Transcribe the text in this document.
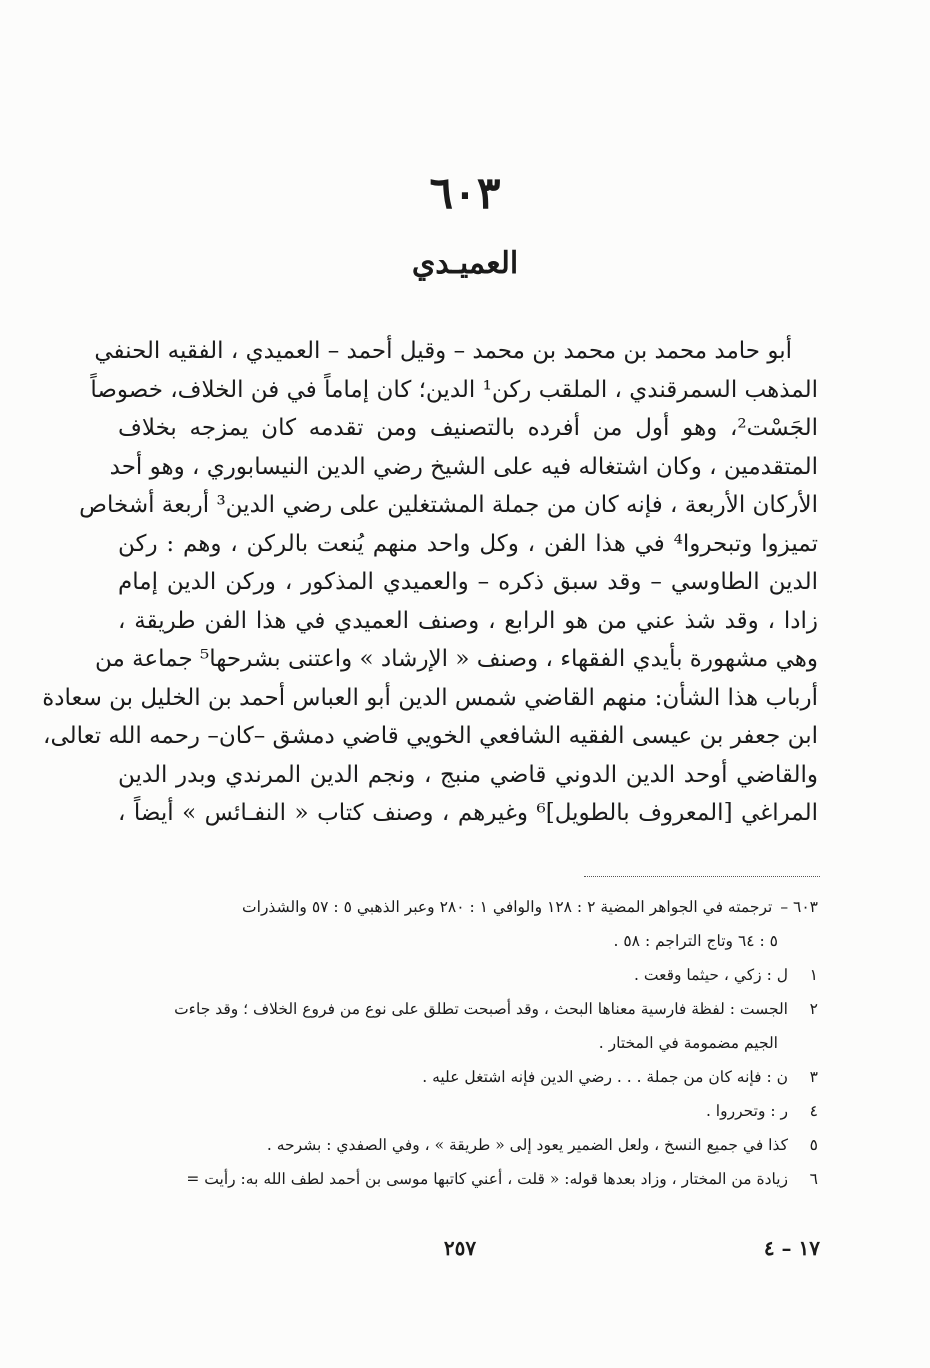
٦٠٣
العميـدي
أبو حامد محمد بن محمد بن محمد – وقيل أحمد – العميدي ، الفقيه الحنفي
المذهب السمرقندي ، الملقب ركن¹ الدين؛ كان إماماً في فن الخلاف، خصوصاً
الجَسْت²، وهو أول من أفرده بالتصنيف ومن تقدمه كان يمزجه بخلاف
المتقدمين ، وكان اشتغاله فيه على الشيخ رضي الدين النيسابوري ، وهو أحد
الأركان الأربعة ، فإنه كان من جملة المشتغلين على رضي الدين³ أربعة أشخاص
تميزوا وتبحروا⁴ في هذا الفن ، وكل واحد منهم يُنعت بالركن ، وهم : ركن
الدين الطاوسي – وقد سبق ذكره – والعميدي المذكور ، وركن الدين إمام
زادا ، وقد شذ عني من هو الرابع ، وصنف العميدي في هذا الفن طريقة ،
وهي مشهورة بأيدي الفقهاء ، وصنف « الإرشاد » واعتنى بشرحها⁵ جماعة من
أرباب هذا الشأن: منهم القاضي شمس الدين أبو العباس أحمد بن الخليل بن سعادة
ابن جعفر بن عيسى الفقيه الشافعي الخويي قاضي دمشق –كان– رحمه الله تعالى،
والقاضي أوحد الدين الدوني قاضي منبج ، ونجم الدين المرندي وبدر الدين
المراغي [المعروف بالطويل]⁶ وغيرهم ، وصنف كتاب « النفـائس » أيضاً ،
٦٠٣ –ترجمته في الجواهر المضية ٢ : ١٢٨ والوافي ١ : ٢٨٠ وعبر الذهبي ٥ : ٥٧ والشذرات
٥ : ٦٤ وتاج التراجم : ٥٨ .
١ل : زكي ، حيثما وقعت .
٢الجست : لفظة فارسية معناها البحث ، وقد أصبحت تطلق على نوع من فروع الخلاف ؛ وقد جاءت
الجيم مضمومة في المختار .
٣ن : فإنه كان من جملة . . . رضي الدين فإنه اشتغل عليه .
٤ر : وتحرروا .
٥كذا في جميع النسخ ، ولعل الضمير يعود إلى « طريقة » ، وفي الصفدي : بشرحه .
٦زيادة من المختار ، وزاد بعدها قوله: « قلت ، أعني كاتبها موسى بن أحمد لطف الله به: رأيت =
٢٥٧	١٧ – ٤
